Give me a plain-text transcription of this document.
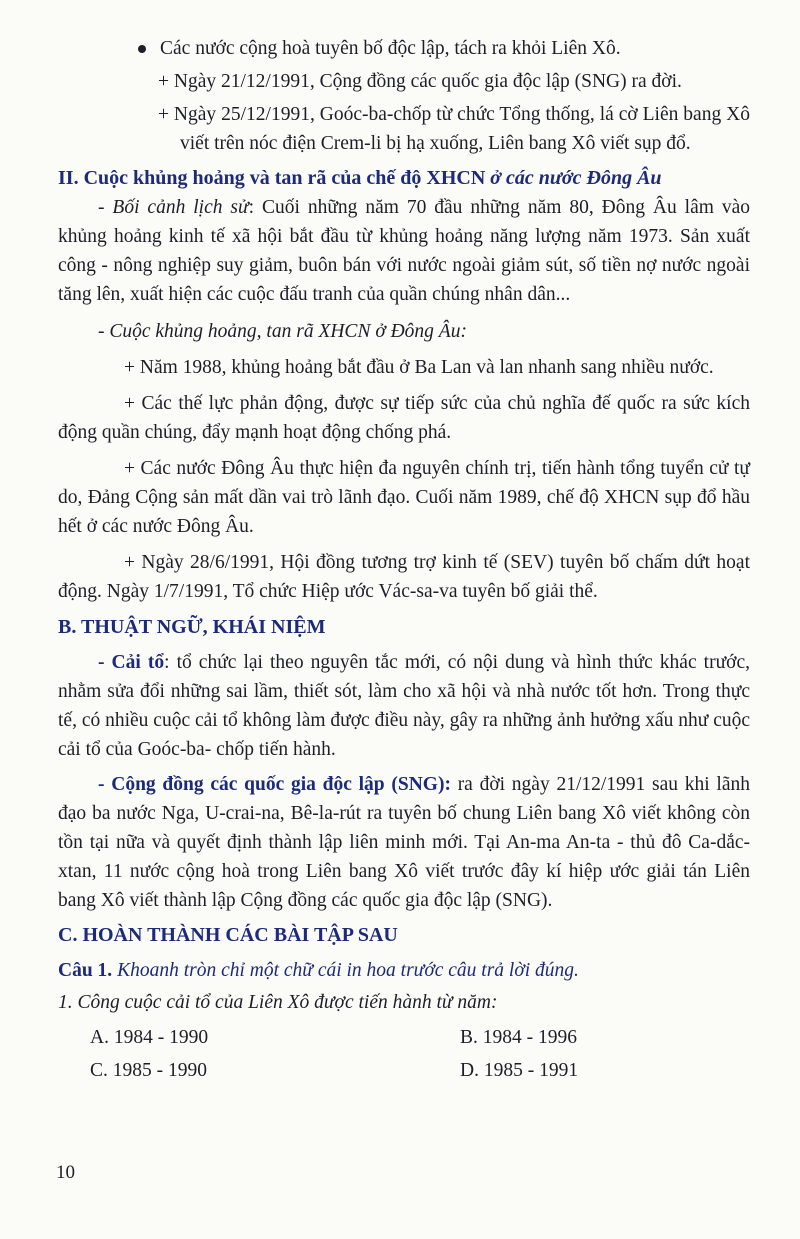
Các nước cộng hoà tuyên bố độc lập, tách ra khỏi Liên Xô.

+ Ngày 21/12/1991, Cộng đồng các quốc gia độc lập (SNG) ra đời.

+ Ngày 25/12/1991, Goóc-ba-chốp từ chức Tổng thống, lá cờ Liên bang Xô viết trên nóc điện Crem-li bị hạ xuống, Liên bang Xô viết sụp đổ.

II. Cuộc khủng hoảng và tan rã của chế độ XHCN ở các nước Đông Âu

- Bối cảnh lịch sử: Cuối những năm 70 đầu những năm 80, Đông Âu lâm vào khủng hoảng kinh tế xã hội bắt đầu từ khủng hoảng năng lượng năm 1973. Sản xuất công - nông nghiệp suy giảm, buôn bán với nước ngoài giảm sút, số tiền nợ nước ngoài tăng lên, xuất hiện các cuộc đấu tranh của quần chúng nhân dân...

- Cuộc khủng hoảng, tan rã XHCN ở Đông Âu:

+ Năm 1988, khủng hoảng bắt đầu ở Ba Lan và lan nhanh sang nhiều nước.

+ Các thế lực phản động, được sự tiếp sức của chủ nghĩa đế quốc ra sức kích động quần chúng, đẩy mạnh hoạt động chống phá.

+ Các nước Đông Âu thực hiện đa nguyên chính trị, tiến hành tổng tuyển cử tự do, Đảng Cộng sản mất dần vai trò lãnh đạo. Cuối năm 1989, chế độ XHCN sụp đổ hầu hết ở các nước Đông Âu.

+ Ngày 28/6/1991, Hội đồng tương trợ kinh tế (SEV) tuyên bố chấm dứt hoạt động. Ngày 1/7/1991, Tổ chức Hiệp ước Vác-sa-va tuyên bố giải thể.

B. THUẬT NGỮ, KHÁI NIỆM

- Cải tổ: tổ chức lại theo nguyên tắc mới, có nội dung và hình thức khác trước, nhằm sửa đổi những sai lầm, thiết sót, làm cho xã hội và nhà nước tốt hơn. Trong thực tế, có nhiều cuộc cải tổ không làm được điều này, gây ra những ảnh hưởng xấu như cuộc cải tổ của Goóc-ba- chốp tiến hành.

- Cộng đồng các quốc gia độc lập (SNG): ra đời ngày 21/12/1991 sau khi lãnh đạo ba nước Nga, U-crai-na, Bê-la-rút ra tuyên bố chung Liên bang Xô viết không còn tồn tại nữa và quyết định thành lập liên minh mới. Tại An-ma An-ta - thủ đô Ca-dắc-xtan, 11 nước cộng hoà trong Liên bang Xô viết trước đây kí hiệp ước giải tán Liên bang Xô viết thành lập Cộng đồng các quốc gia độc lập (SNG).

C. HOÀN THÀNH CÁC BÀI TẬP SAU

Câu 1. Khoanh tròn chỉ một chữ cái in hoa trước câu trả lời đúng.

1. Công cuộc cải tổ của Liên Xô được tiến hành từ năm:

A. 1984 - 1990	B. 1984 - 1996
C. 1985 - 1990	D. 1985 - 1991
10
